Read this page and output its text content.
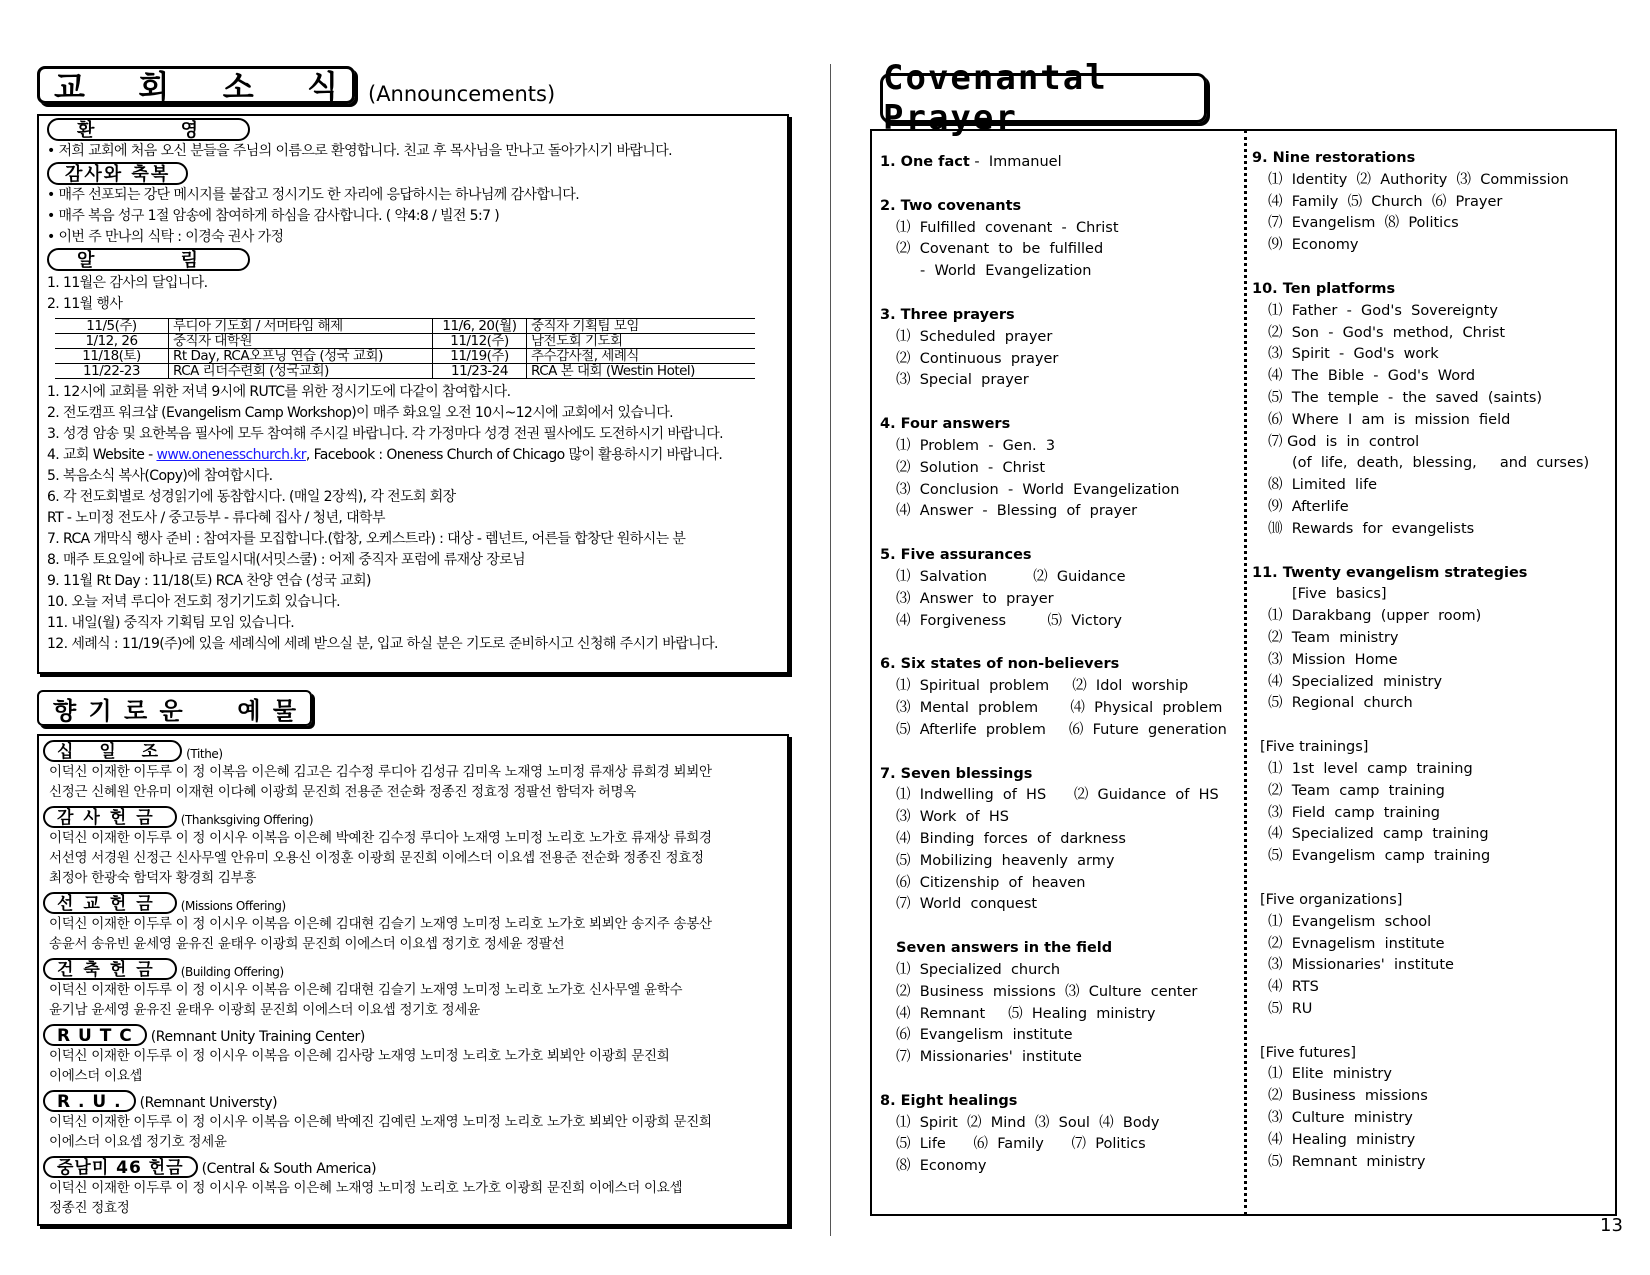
교 회 소 식 (Announcements)
환 영
• 저희 교회에 처음 오신 분들을 주님의 이름으로 환영합니다. 친교 후 목사님을 만나고 돌아가시기 바랍니다.
감사와 축복
• 매주 선포되는 강단 메시지를 붙잡고 정시기도 한 자리에 응답하시는 하나님께 감사합니다.
• 매주 복음 성구 1절 암송에 참여하게 하심을 감사합니다. ( 약4:8 / 빌전 5:7 )
• 이번 주 만나의 식탁 : 이경숙 권사 가정
알 림
1. 11월은 감사의 달입니다.
2. 11월 행사
11/5(주)	루디아 기도회 / 서머타임 해제	11/6, 20(월)	중직자 기획팀 모임
1/12, 26	중직자 대학원	11/12(주)	남전도회 기도회
11/18(토)	Rt Day, RCA오프닝 연습 (성국 교회)	11/19(주)	추수감사절, 세례식
11/22-23	RCA 리더수련회 (성국교회)	11/23-24	RCA 본 대회 (Westin Hotel)
1. 12시에 교회를 위한 저녁 9시에 RUTC를 위한 정시기도에 다같이 참여합시다.
2. 전도캠프 워크샵 (Evangelism Camp Workshop)이 매주 화요일 오전 10시~12시에 교회에서 있습니다.
3. 성경 암송 및 요한복음 필사에 모두 참여해 주시길 바랍니다. 각 가정마다 성경 전권 필사에도 도전하시기 바랍니다.
4. 교회 Website - www.onenesschurch.kr, Facebook : Oneness Church of Chicago 많이 활용하시기 바랍니다.
5. 복음소식 복사(Copy)에 참여합시다.
6. 각 전도회별로 성경읽기에 동참합시다. (매일 2장씩), 각 전도회 회장
RT - 노미정 전도사 / 중고등부 - 류다혜 집사 / 청년, 대학부
7. RCA 개막식 행사 준비 : 참여자를 모집합니다.(합창, 오케스트라) : 대상 - 렘넌트, 어른들 합창단 원하시는 분
8. 매주 토요일에 하나로 금토일시대(서밋스쿨) : 어제 중직자 포럼에 류재상 장로님
9. 11월 Rt Day : 11/18(토) RCA 찬양 연습 (성국 교회)
10. 오늘 저녁 루디아 전도회 정기기도회 있습니다.
11. 내일(월) 중직자 기획팀 모임 있습니다.
12. 세례식 : 11/19(주)에 있을 세례식에 세례 받으실 분, 입교 하실 분은 기도로 준비하시고 신청해 주시기 바랍니다.
향 기 로 운 예 물
십 일 조	(Tithe)
이덕신 이재한 이두루 이 정 이복음 이은혜 김고은 김수정 루디아 김성규 김미옥 노재영 노미정 류재상 류희경 뵈뵈안
신정근 신혜원 안유미 이재현 이다혜 이광희 문진희 전용준 전순화 정종진 정효정 정팔선 함덕자 허명옥
감사헌금	(Thanksgiving Offering)
이덕신 이재한 이두루 이 정 이시우 이복음 이은혜 박예찬 김수정 루디아 노재영 노미정 노리호 노가호 류재상 류희경
서선영 서경원 신정근 신사무엘 안유미 오용신 이정훈 이광희 문진희 이에스더 이요셉 전용준 전순화 정종진 정효정
최정아 한광숙 함덕자 황경희 김부흥
선교헌금	(Missions Offering)
이덕신 이재한 이두루 이 정 이시우 이복음 이은혜 김대현 김슬기 노재영 노미정 노리호 노가호 뵈뵈안 송지주 송봉산
송윤서 송유빈 윤세영 윤유진 윤태우 이광희 문진희 이에스더 이요셉 정기호 정세윤 정팔선
건축헌금	(Building Offering)
이덕신 이재한 이두루 이 정 이시우 이복음 이은혜 김대현 김슬기 노재영 노미정 노리호 노가호 신사무엘 윤학수
윤기남 윤세영 윤유진 윤태우 이광희 문진희 이에스더 이요셉 정기호 정세윤
R U T C	(Remnant Unity Training Center)
이덕신 이재한 이두루 이 정 이시우 이복음 이은혜 김사랑 노재영 노미정 노리호 노가호 뵈뵈안 이광희 문진희
이에스더 이요셉
R . U .	(Remnant Universty)
이덕신 이재한 이두루 이 정 이시우 이복음 이은혜 박예진 김예린 노재영 노미정 노리호 노가호 뵈뵈안 이광희 문진희
이에스더 이요셉 정기호 정세윤
중남미 46 헌금	(Central & South America)
이덕신 이재한 이두루 이 정 이시우 이복음 이은혜 노재영 노미정 노리호 노가호 이광희 문진희 이에스더 이요셉
정종진 정효정
Covenantal Prayer
1. One fact -  Immanuel
2. Two covenants
⑴  Fulfilled  covenant  -  Christ
⑵  Covenant  to  be  fulfilled
-  World  Evangelization
3. Three prayers
⑴  Scheduled  prayer
⑵  Continuous  prayer
⑶  Special  prayer
4. Four answers
⑴  Problem  -  Gen.  3
⑵  Solution  -  Christ
⑶  Conclusion  -  World  Evangelization
⑷  Answer  -  Blessing  of  prayer
5. Five assurances
⑴  Salvation          ⑵  Guidance
⑶  Answer  to  prayer
⑷  Forgiveness         ⑸  Victory
6. Six states of non-believers
⑴  Spiritual  problem     ⑵  Idol  worship
⑶  Mental  problem       ⑷  Physical  problem
⑸  Afterlife  problem     ⑹  Future  generation
7. Seven blessings
⑴  Indwelling  of  HS      ⑵  Guidance  of  HS
⑶  Work  of  HS
⑷  Binding  forces  of  darkness
⑸  Mobilizing  heavenly  army
⑹  Citizenship  of  heaven
⑺  World  conquest
Seven answers in the field
⑴  Specialized  church
⑵  Business  missions  ⑶  Culture  center
⑷  Remnant     ⑸  Healing  ministry
⑹  Evangelism  institute
⑺  Missionaries'  institute
8. Eight healings
⑴  Spirit  ⑵  Mind  ⑶  Soul  ⑷  Body
⑸  Life      ⑹  Family      ⑺  Politics
⑻  Economy
9. Nine restorations
⑴  Identity  ⑵  Authority  ⑶  Commission
⑷  Family  ⑸  Church  ⑹  Prayer
⑺  Evangelism  ⑻  Politics
⑼  Economy
10. Ten platforms
⑴  Father  -  God's  Sovereignty
⑵  Son  -  God's  method,  Christ
⑶  Spirit  -  God's  work
⑷  The  Bible  -  God's  Word
⑸  The  temple  -  the  saved  (saints)
⑹  Where  I  am  is  mission  field
⑺ God  is  in  control
(of  life,  death,  blessing,     and  curses)
⑻  Limited  life
⑼  Afterlife
⑽  Rewards  for  evangelists
11. Twenty evangelism strategies
[Five  basics]
⑴  Darakbang  (upper  room)
⑵  Team  ministry
⑶  Mission  Home
⑷  Specialized  ministry
⑸  Regional  church
[Five trainings]
⑴  1st  level  camp  training
⑵  Team  camp  training
⑶  Field  camp  training
⑷  Specialized  camp  training
⑸  Evangelism  camp  training
[Five organizations]
⑴  Evangelism  school
⑵  Evnagelism  institute
⑶  Missionaries'  institute
⑷  RTS
⑸  RU
[Five futures]
⑴  Elite  ministry
⑵  Business  missions
⑶  Culture  ministry
⑷  Healing  ministry
⑸  Remnant  ministry
13
